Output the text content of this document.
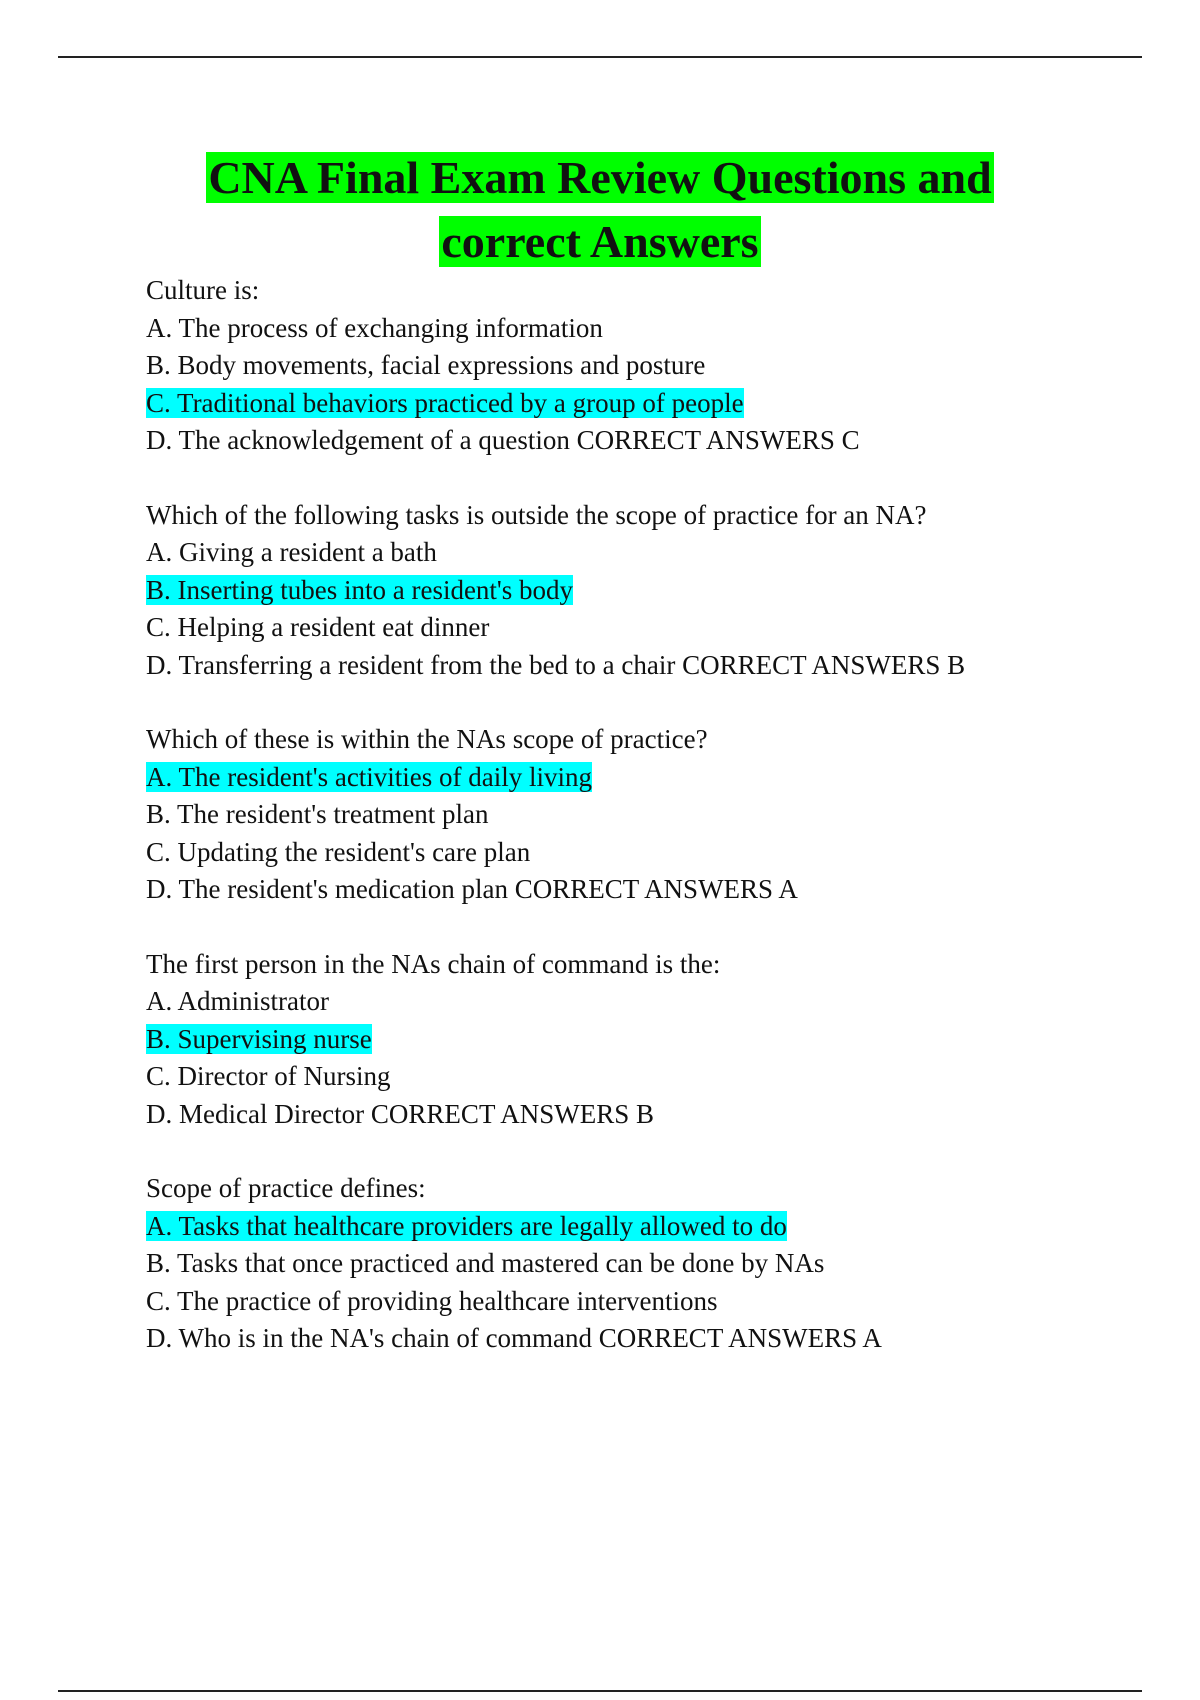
CNA Final Exam Review Questions and
correct Answers
Culture is:
A. The process of exchanging information
B. Body movements, facial expressions and posture
C. Traditional behaviors practiced by a group of people
D. The acknowledgement of a question CORRECT ANSWERS C
Which of the following tasks is outside the scope of practice for an NA?
A. Giving a resident a bath
B. Inserting tubes into a resident's body
C. Helping a resident eat dinner
D. Transferring a resident from the bed to a chair CORRECT ANSWERS B
Which of these is within the NAs scope of practice?
A. The resident's activities of daily living
B. The resident's treatment plan
C. Updating the resident's care plan
D. The resident's medication plan CORRECT ANSWERS A
The first person in the NAs chain of command is the:
A. Administrator
B. Supervising nurse
C. Director of Nursing
D. Medical Director CORRECT ANSWERS B
Scope of practice defines:
A. Tasks that healthcare providers are legally allowed to do
B. Tasks that once practiced and mastered can be done by NAs
C. The practice of providing healthcare interventions
D. Who is in the NA's chain of command CORRECT ANSWERS A
